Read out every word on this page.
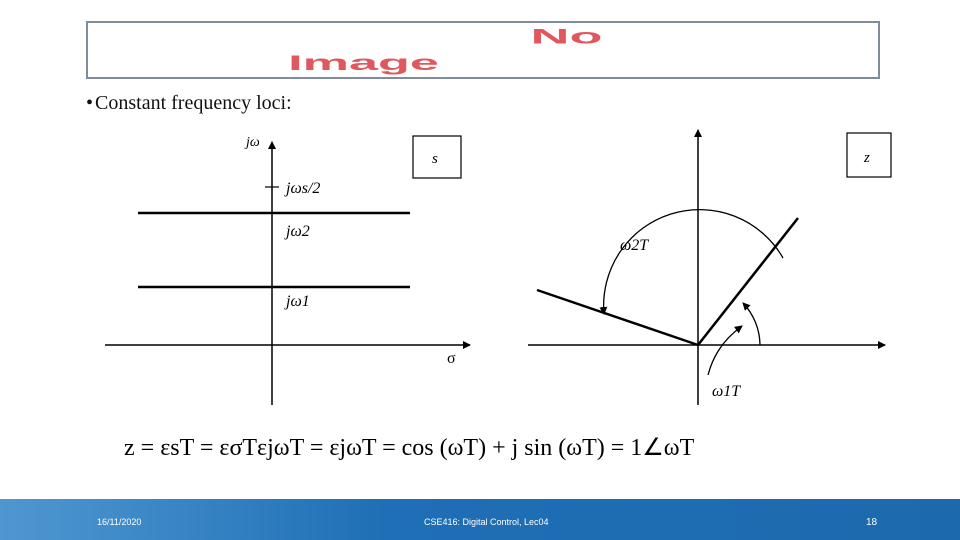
No
Image
• Constant frequency loci:
s
jω
σ
jωs/2
jω2
jω1
z
ω2T
ω1T
z = εsT = εσTεjωT = εjωT = cos (ωT) + j sin (ωT) = 1∠ωT
16/11/2020	CSE416: Digital Control, Lec04	18
